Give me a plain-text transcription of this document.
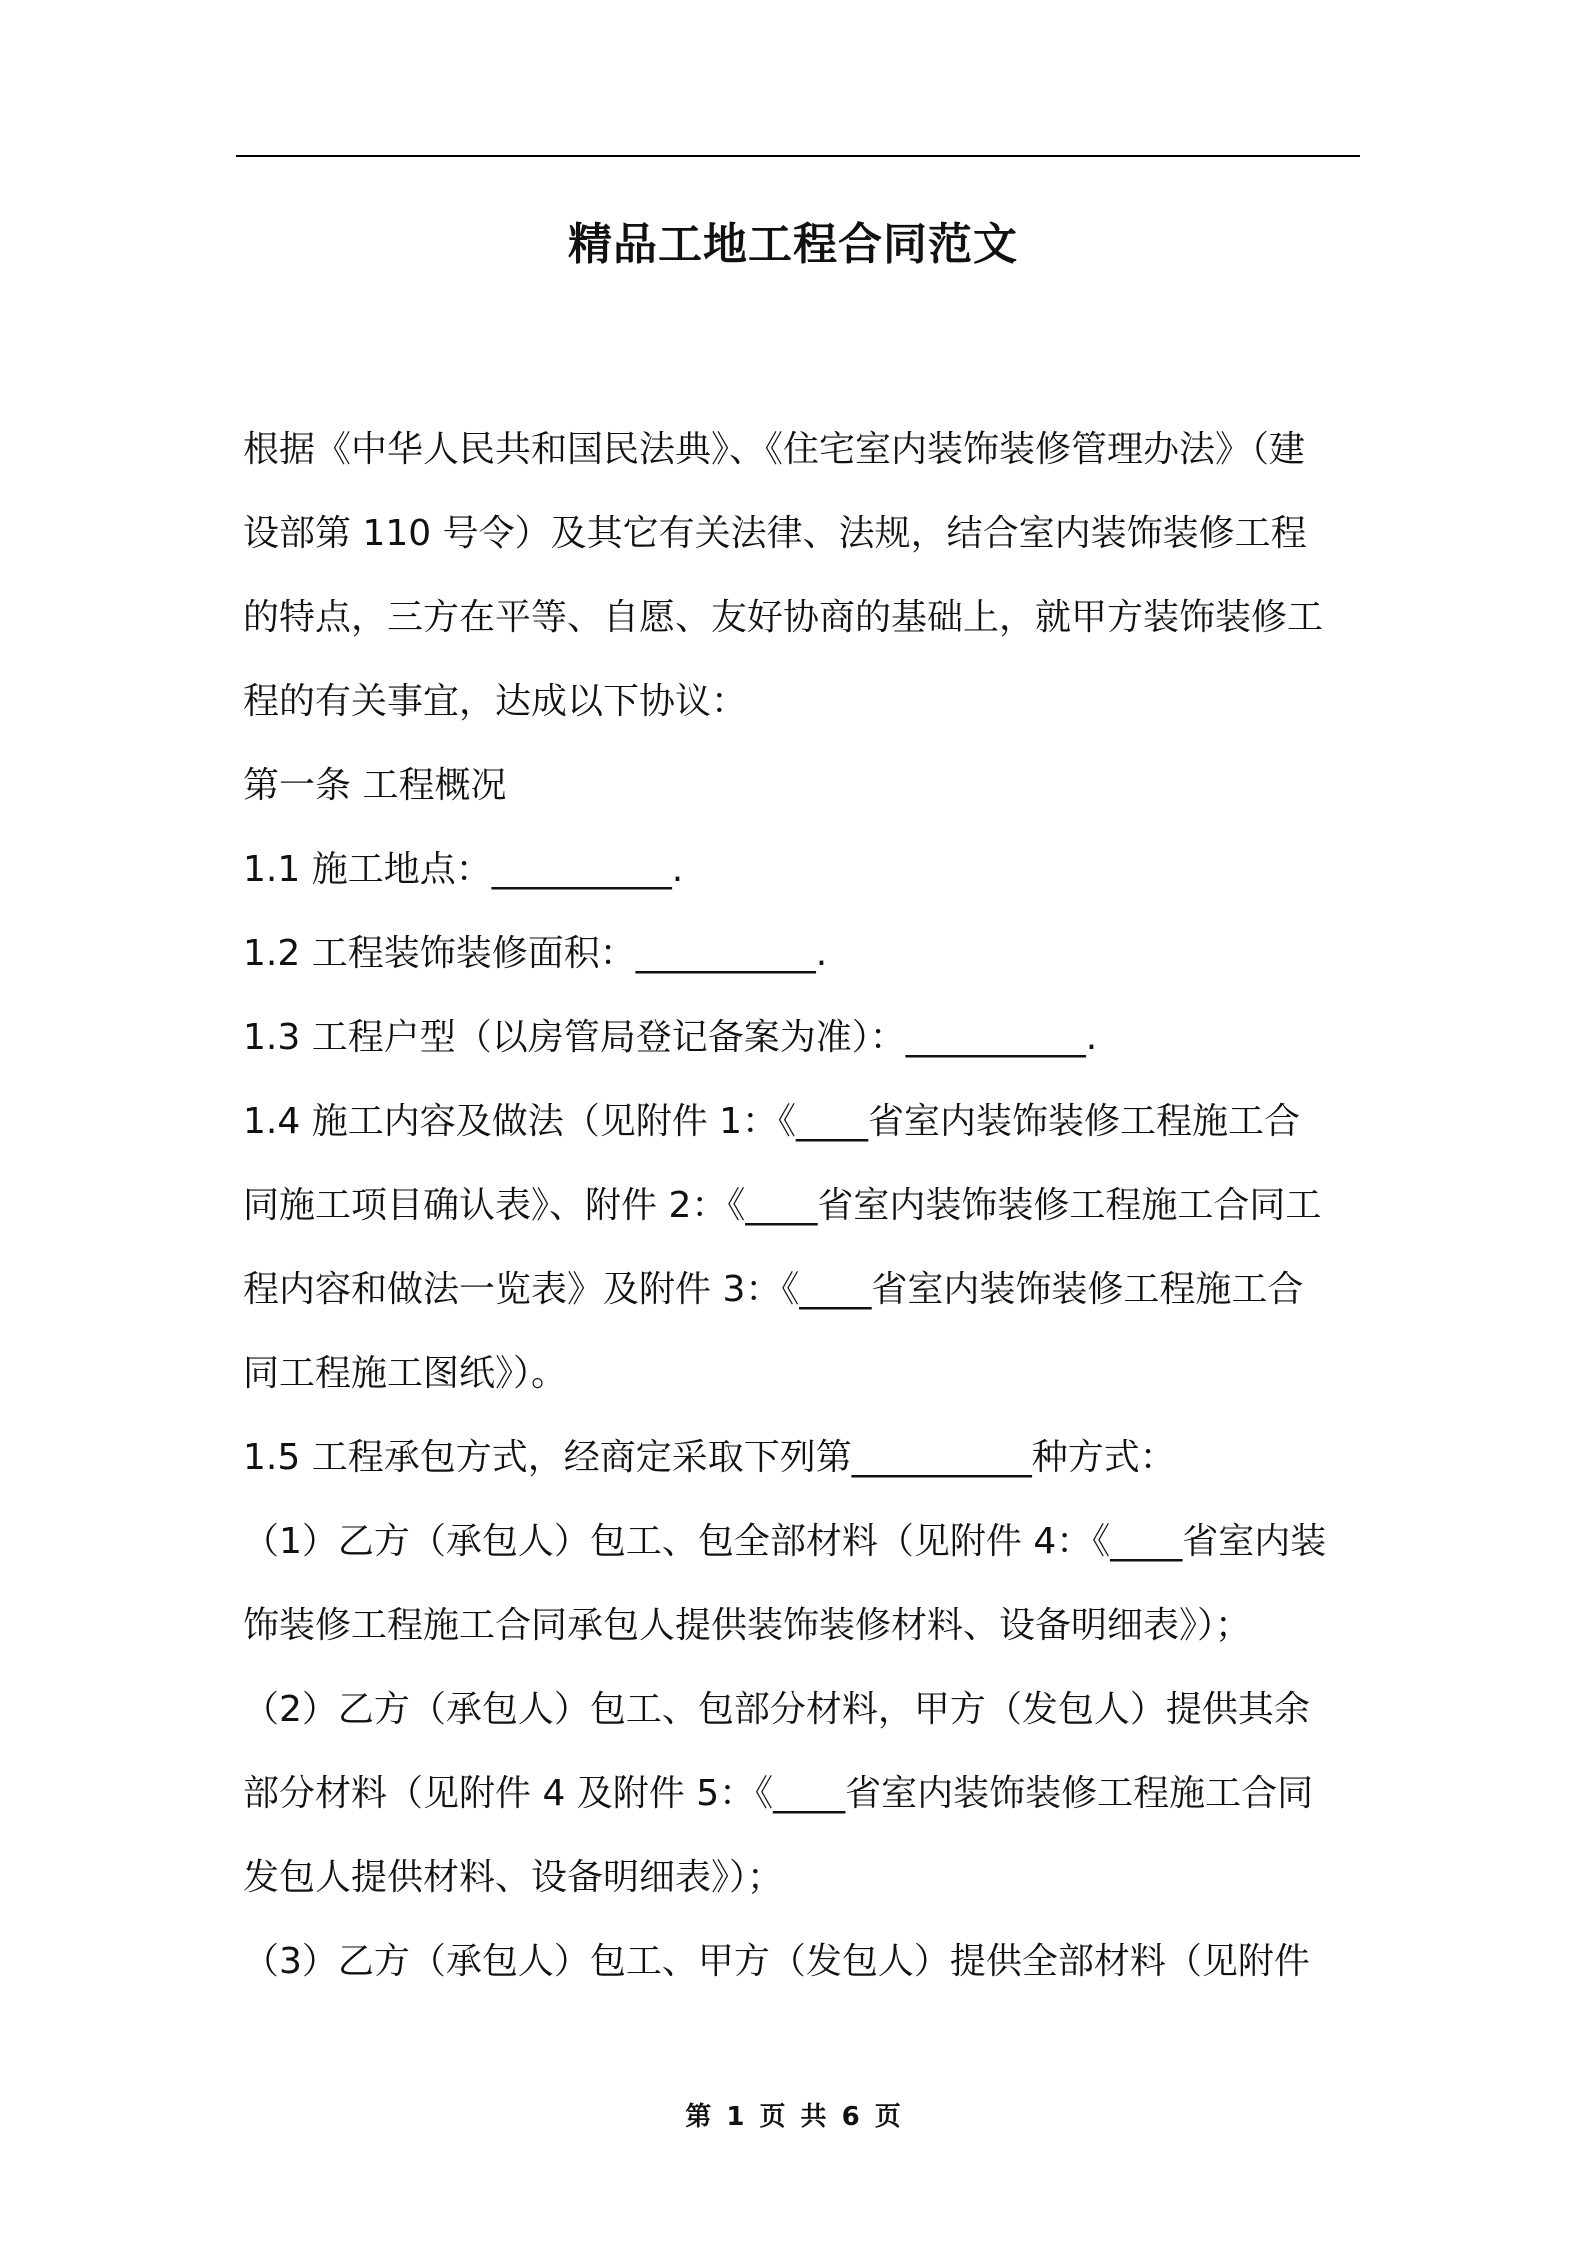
精品工地工程合同范文

根据《中华人民共和国民法典》、《住宅室内装饰装修管理办法》（建

设部第 110 号令）及其它有关法律、法规，结合室内装饰装修工程

的特点，三方在平等、自愿、友好协商的基础上，就甲方装饰装修工

程的有关事宜，达成以下协议：

第一条 工程概况

1.1 施工地点：__________.

1.2 工程装饰装修面积：__________.

1.3 工程户型（以房管局登记备案为准）：__________.

1.4 施工内容及做法（见附件 1：《____省室内装饰装修工程施工合

同施工项目确认表》、附件 2：《____省室内装饰装修工程施工合同工

程内容和做法一览表》及附件 3：《____省室内装饰装修工程施工合

同工程施工图纸》）。

1.5 工程承包方式，经商定采取下列第__________种方式：

（1）乙方（承包人）包工、包全部材料（见附件 4：《____省室内装

饰装修工程施工合同承包人提供装饰装修材料、设备明细表》）；

（2）乙方（承包人）包工、包部分材料，甲方（发包人）提供其余

部分材料（见附件 4 及附件 5：《____省室内装饰装修工程施工合同

发包人提供材料、设备明细表》）；

（3）乙方（承包人）包工、甲方（发包人）提供全部材料（见附件

第 1 页 共 6 页
